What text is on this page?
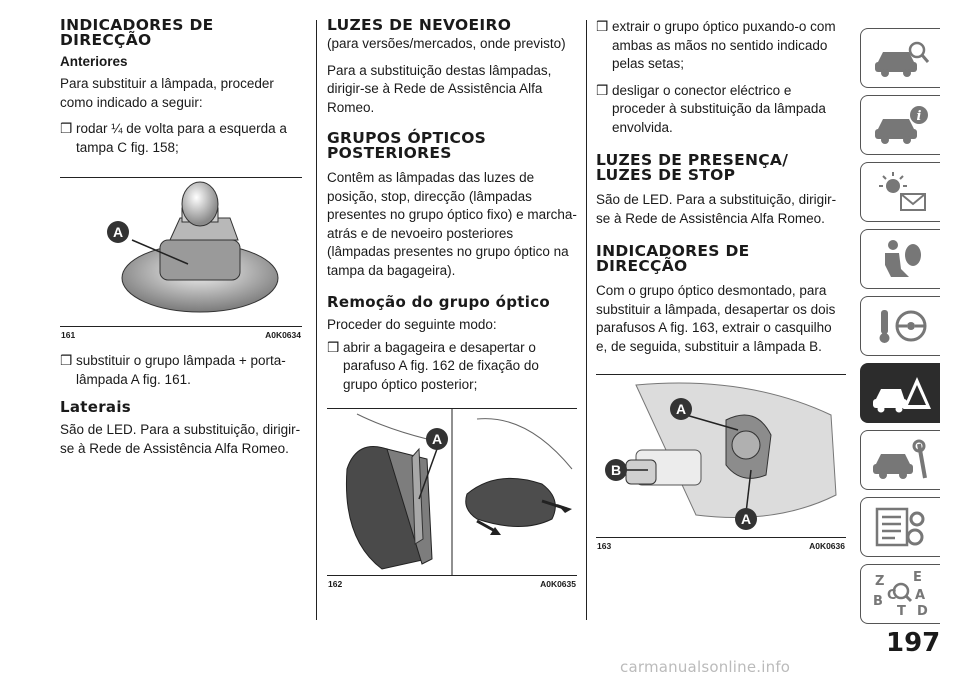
INDICADORES DE DIRECÇÃO
Anteriores

Para substituir a lâmpada, proceder como indicado a seguir:

❒ rodar ¼ de volta para a esquerda a tampa C fig. 158;
A
161	A0K0634
❒ substituir o grupo lâmpada + porta-lâmpada A fig. 161.
Laterais

São de LED. Para a substituição, dirigir-se à Rede de Assistência Alfa Romeo.

LUZES DE NEVOEIRO

(para versões/mercados, onde previsto)

Para a substituição destas lâmpadas, dirigir-se à Rede de Assistência Alfa Romeo.

GRUPOS ÓPTICOS POSTERIORES

Contêm as lâmpadas das luzes de posição, stop, direcção (lâmpadas presentes no grupo óptico fixo) e marcha-atrás e de nevoeiro posteriores (lâmpadas presentes no grupo óptico na tampa da bagageira).

Remoção do grupo óptico

Proceder do seguinte modo:

❒ abrir a bagageira e desapertar o parafuso A fig. 162 de fixação do grupo óptico posterior;
A
162	A0K0635
❒ extrair o grupo óptico puxando-o com ambas as mãos no sentido indicado pelas setas;
❒ desligar o conector eléctrico e proceder à substituição da lâmpada envolvida.
LUZES DE PRESENÇA/ LUZES DE STOP

São de LED. Para a substituição, dirigir-se à Rede de Assistência Alfa Romeo.

INDICADORES DE DIRECÇÃO

Com o grupo óptico desmontado, para substituir a lâmpada, desapertar os dois parafusos A fig. 163, extrair o casquilho e, de seguida, substituir a lâmpada B.

A
B
A
163	A0K0636
i
Z E
A
B C
T D
197
carmanualsonline.info
